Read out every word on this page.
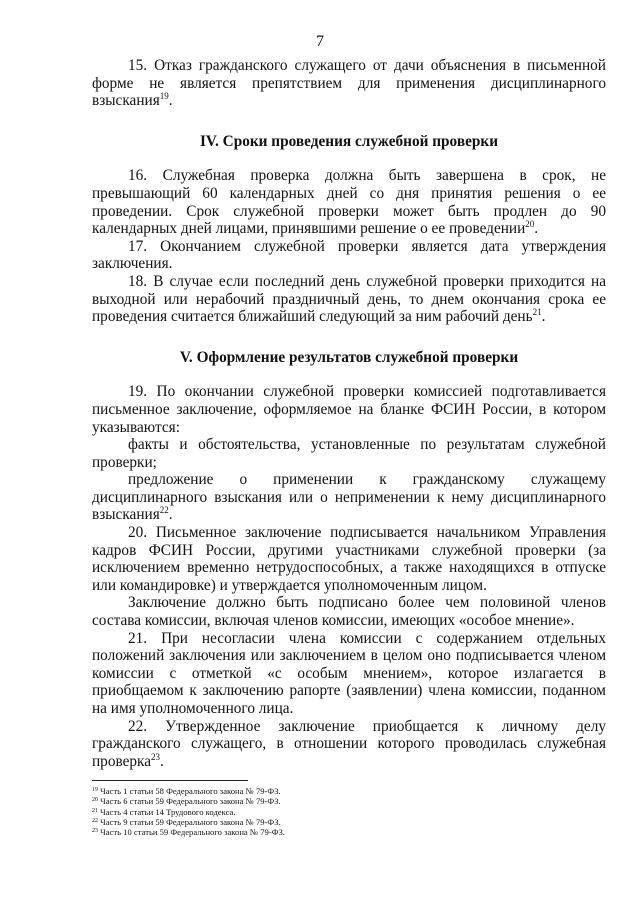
7

15. Отказ гражданского служащего от дачи объяснения в письменной форме не является препятствием для применения дисциплинарного взыскания$^{19}$.

IV. Сроки проведения служебной проверки

16. Служебная проверка должна быть завершена в срок, не превышающий 60 календарных дней со дня принятия решения о ее проведении. Срок служебной проверки может быть продлен до 90 календарных дней лицами, принявшими решение о ее проведении$^{20}$.

17. Окончанием служебной проверки является дата утверждения заключения.

18. В случае если последний день служебной проверки приходится на выходной или нерабочий праздничный день, то днем окончания срока ее проведения считается ближайший следующий за ним рабочий день$^{21}$.

V. Оформление результатов служебной проверки

19. По окончании служебной проверки комиссией подготавливается письменное заключение, оформляемое на бланке ФСИН России, в котором указываются:

факты и обстоятельства, установленные по результатам служебной проверки;

предложение о применении к гражданскому служащему дисциплинарного взыскания или о неприменении к нему дисциплинарного взыскания$^{22}$.

20. Письменное заключение подписывается начальником Управления кадров ФСИН России, другими участниками служебной проверки (за исключением временно нетрудоспособных, а также находящихся в отпуске или командировке) и утверждается уполномоченным лицом.

Заключение должно быть подписано более чем половиной членов состава комиссии, включая членов комиссии, имеющих «особое мнение».

21. При несогласии члена комиссии с содержанием отдельных положений заключения или заключением в целом оно подписывается членом комиссии с отметкой «с особым мнением», которое излагается в приобщаемом к заключению рапорте (заявлении) члена комиссии, поданном на имя уполномоченного лица.

22. Утвержденное заключение приобщается к личному делу гражданского служащего, в отношении которого проводилась служебная проверка$^{23}$.

$^{19}$ Часть 1 статьи 58 Федерального закона № 79-ФЗ.
$^{20}$ Часть 6 статьи 59 Федерального закона № 79-ФЗ.
$^{21}$ Часть 4 статьи 14 Трудового кодекса.
$^{22}$ Часть 9 статьи 59 Федерального закона № 79-ФЗ.
$^{23}$ Часть 10 статьи 59 Федерального закона № 79-ФЗ.
